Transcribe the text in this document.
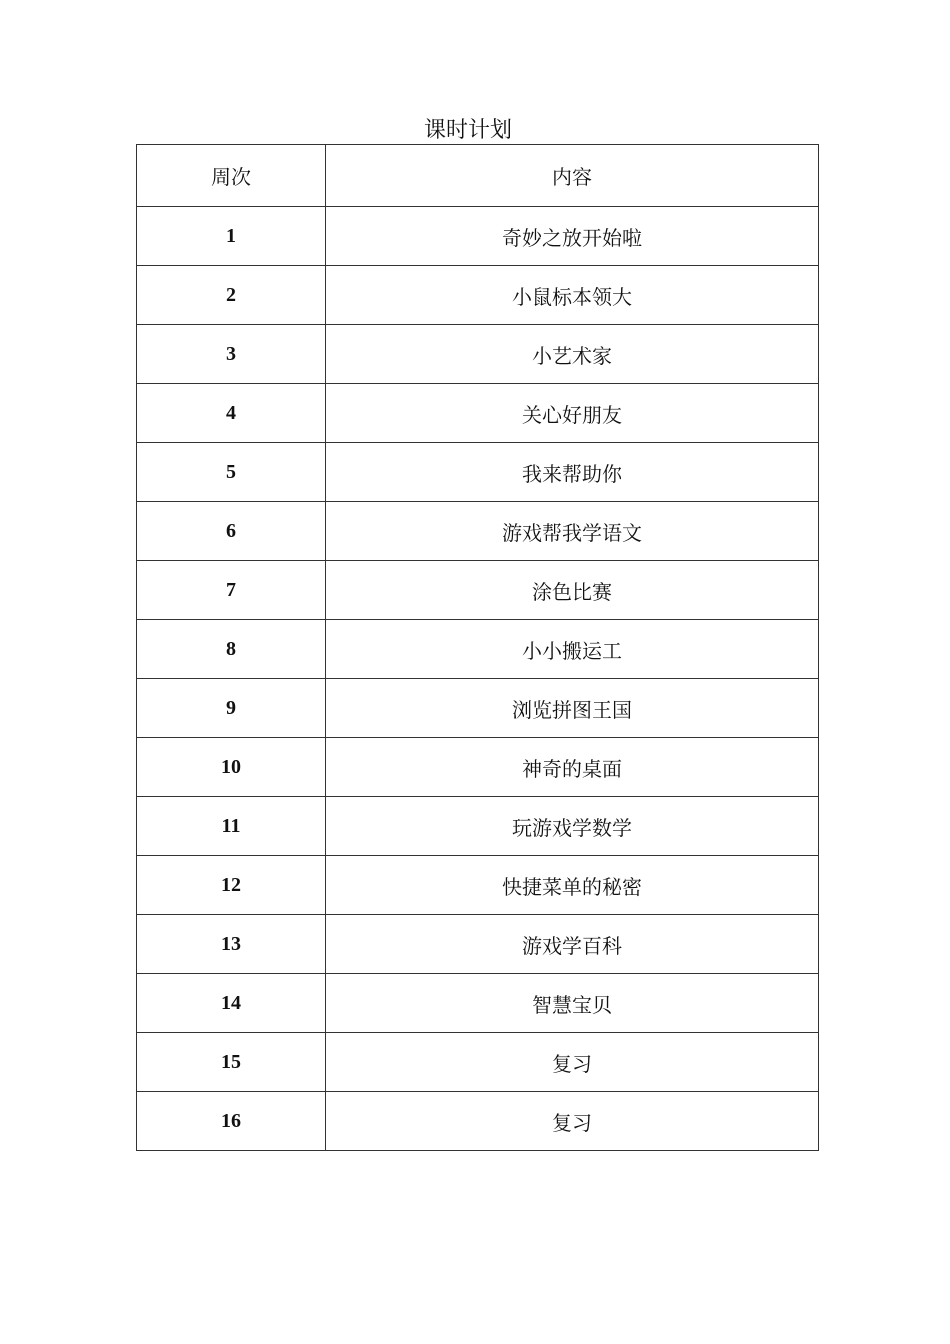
课时计划
周次	内容
1	奇妙之放开始啦
2	小鼠标本领大
3	小艺术家
4	关心好朋友
5	我来帮助你
6	游戏帮我学语文
7	涂色比赛
8	小小搬运工
9	浏览拼图王国
10	神奇的桌面
11	玩游戏学数学
12	快捷菜单的秘密
13	游戏学百科
14	智慧宝贝
15	复习
16	复习
